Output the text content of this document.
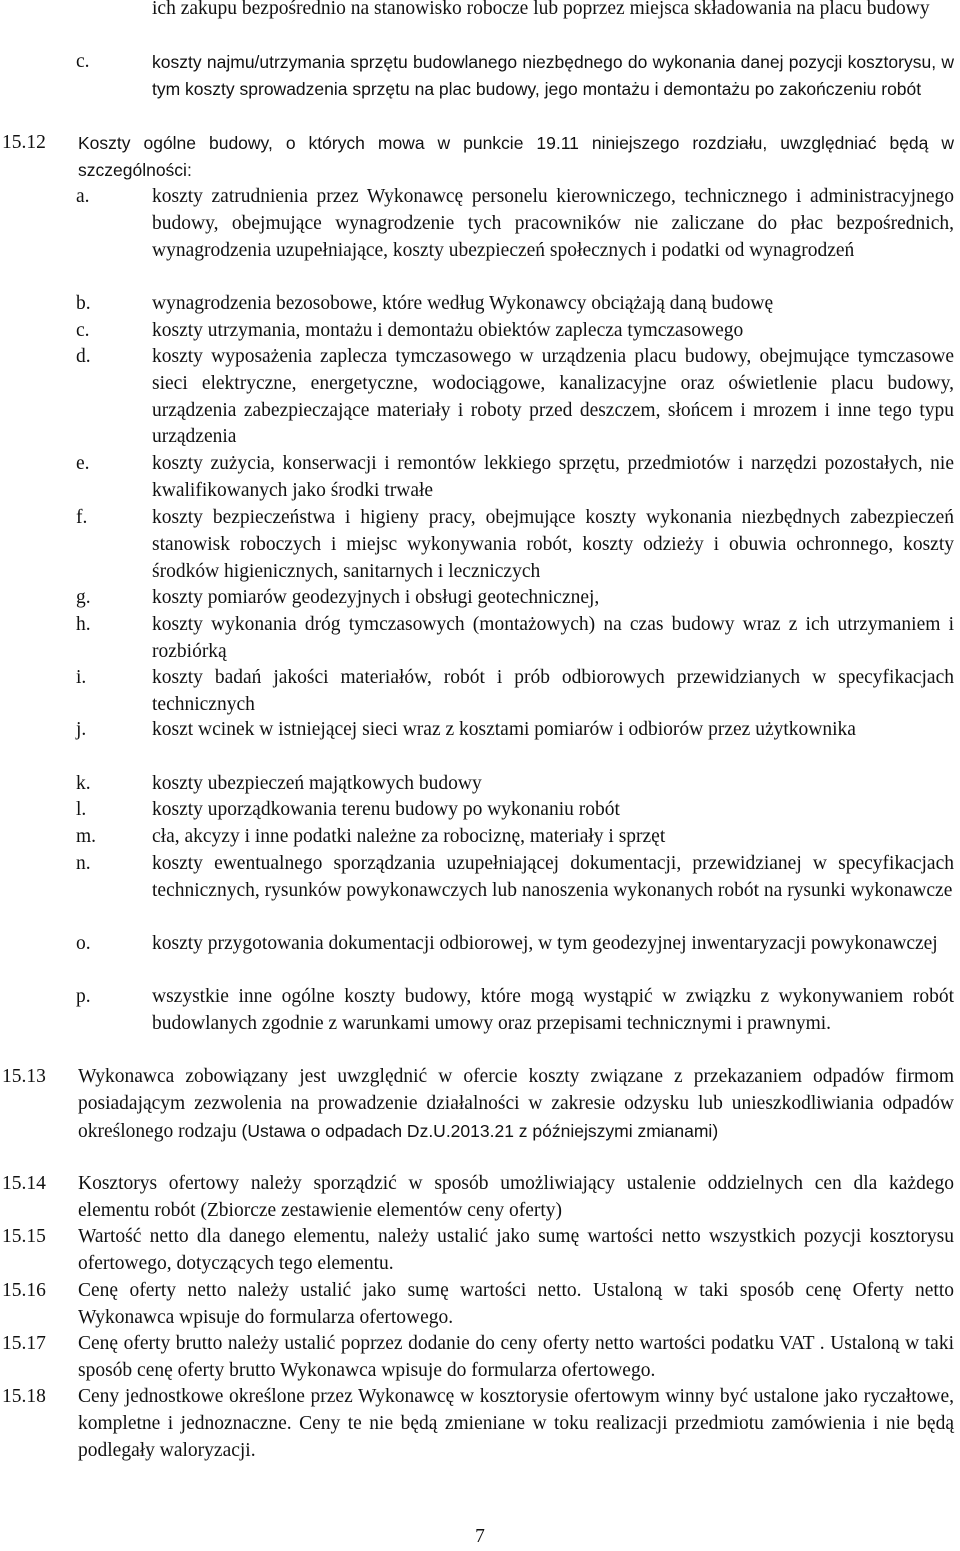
ich zakupu bezpośrednio na stanowisko robocze lub poprzez miejsca składowania na placu budowy
c.	koszty najmu/utrzymania sprzętu budowlanego niezbędnego do wykonania danej pozycji kosztorysu, w tym koszty sprowadzenia sprzętu na plac budowy, jego montażu i demontażu po zakończeniu robót
15.12	Koszty ogólne budowy, o których mowa w punkcie 19.11 niniejszego rozdziału, uwzględniać będą w szczególności:
a.	koszty zatrudnienia przez Wykonawcę personelu kierowniczego, technicznego i administracyjnego budowy, obejmujące wynagrodzenie tych pracowników nie zaliczane do płac bezpośrednich, wynagrodzenia uzupełniające, koszty ubezpieczeń społecznych i podatki od wynagrodzeń
b.	wynagrodzenia bezosobowe, które według Wykonawcy obciążają daną budowę
c.	koszty utrzymania, montażu i demontażu obiektów zaplecza tymczasowego
d.	koszty wyposażenia zaplecza tymczasowego w urządzenia placu budowy, obejmujące tymczasowe sieci elektryczne, energetyczne, wodociągowe, kanalizacyjne oraz oświetlenie placu budowy, urządzenia zabezpieczające materiały i roboty przed deszczem, słońcem i mrozem i inne tego typu urządzenia
e.	koszty zużycia, konserwacji i remontów lekkiego sprzętu, przedmiotów i narzędzi pozostałych, nie kwalifikowanych jako środki trwałe
f.	koszty bezpieczeństwa i higieny pracy, obejmujące koszty wykonania niezbędnych zabezpieczeń stanowisk roboczych i miejsc wykonywania robót, koszty odzieży i obuwia ochronnego, koszty środków higienicznych, sanitarnych i leczniczych
g.	koszty pomiarów geodezyjnych i obsługi geotechnicznej,
h.	koszty wykonania dróg tymczasowych (montażowych) na czas budowy wraz z ich utrzymaniem i rozbiórką
i.	koszty badań jakości materiałów, robót i prób odbiorowych przewidzianych w specyfikacjach technicznych
j.	koszt wcinek w istniejącej sieci wraz z kosztami pomiarów i odbiorów przez użytkownika
k.	koszty ubezpieczeń majątkowych budowy
l.	koszty uporządkowania terenu budowy po wykonaniu robót
m.	cła, akcyzy i inne podatki należne za robociznę, materiały i sprzęt
n.	koszty ewentualnego sporządzania uzupełniającej dokumentacji, przewidzianej w specyfikacjach technicznych, rysunków powykonawczych lub nanoszenia wykonanych robót na rysunki wykonawcze
o.	koszty przygotowania dokumentacji odbiorowej, w tym geodezyjnej inwentaryzacji powykonawczej
p.	wszystkie inne ogólne koszty budowy, które mogą wystąpić w związku z wykonywaniem robót budowlanych zgodnie z warunkami umowy oraz przepisami technicznymi i prawnymi.
15.13	Wykonawca zobowiązany jest uwzględnić w ofercie koszty związane z przekazaniem odpadów firmom posiadającym zezwolenia na prowadzenie działalności w zakresie odzysku lub unieszkodliwiania odpadów określonego rodzaju (Ustawa o odpadach Dz.U.2013.21 z późniejszymi zmianami)
15.14	Kosztorys ofertowy należy sporządzić w sposób umożliwiający ustalenie oddzielnych cen dla każdego elementu robót (Zbiorcze zestawienie elementów ceny oferty)
15.15	Wartość netto dla danego elementu, należy ustalić jako sumę wartości netto wszystkich pozycji kosztorysu ofertowego, dotyczących tego elementu.
15.16	Cenę oferty netto należy ustalić jako sumę wartości netto. Ustaloną w taki sposób cenę Oferty netto Wykonawca wpisuje do formularza ofertowego.
15.17	Cenę oferty brutto należy ustalić poprzez dodanie do ceny oferty netto wartości podatku VAT . Ustaloną w taki sposób cenę oferty brutto Wykonawca wpisuje do formularza ofertowego.
15.18	Ceny jednostkowe określone przez Wykonawcę w kosztorysie ofertowym winny być ustalone jako ryczałtowe, kompletne i jednoznaczne. Ceny te nie będą zmieniane w toku realizacji przedmiotu zamówienia i nie będą podlegały waloryzacji.
7
